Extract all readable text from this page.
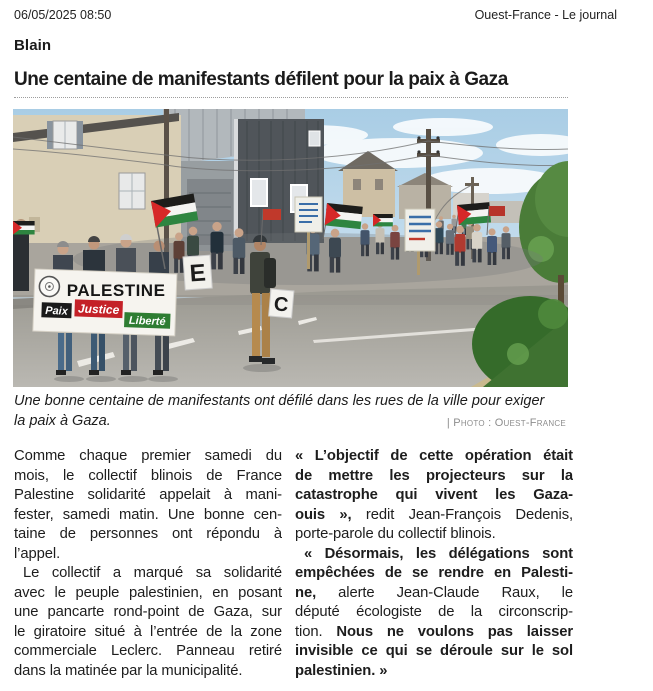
06/05/2025 08:50	Ouest-France - Le journal
Blain
Une centaine de manifestants défilent pour la paix à Gaza
E
C
PALESTINE
Paix Justice
Liberté
Une bonne centaine de manifestants ont défilé dans les rues de la ville pour exiger
la paix à Gaza.	| Photo : Ouest-France
Comme chaque premier samedi du
mois, le collectif blinois de France
Palestine solidarité appelait à mani-
fester, samedi matin. Une bonne cen-
taine de personnes ont répondu à
l’appel.
Le collectif a marqué sa solidarité
avec le peuple palestinien, en posant
une pancarte rond-point de Gaza, sur
le giratoire situé à l’entrée de la zone
commerciale Leclerc. Panneau retiré
dans la matinée par la municipalité.
« L’objectif de cette opération était
de mettre les projecteurs sur la
catastrophe qui vivent les Gaza-
ouis », redit Jean-François Dedenis,
porte-parole du collectif blinois.
« Désormais, les délégations sont
empêchées de se rendre en Palesti-
ne, alerte Jean-Claude Raux, le
député écologiste de la circonscrip-
tion. Nous ne voulons pas laisser
invisible ce qui se déroule sur le sol
palestinien. »
